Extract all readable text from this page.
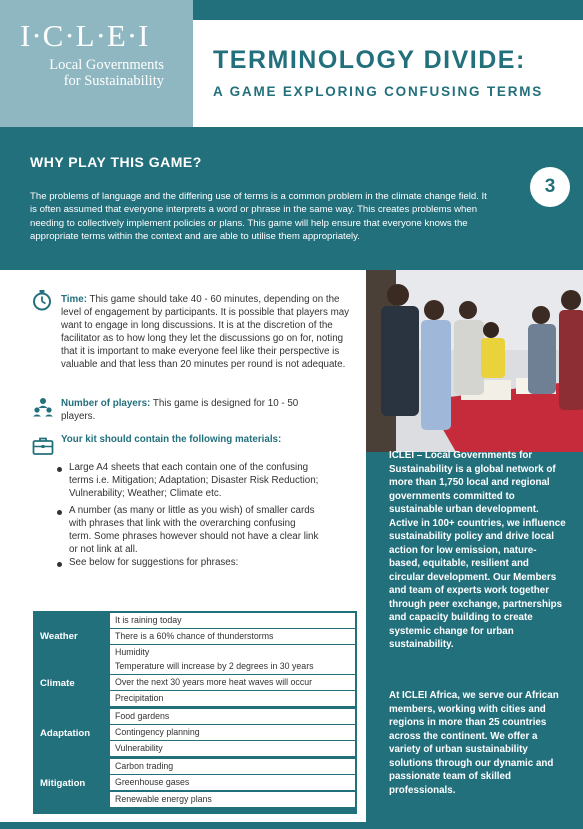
I·C·L·E·I
Local Governments for Sustainability
TERMINOLOGY DIVIDE:
A GAME EXPLORING CONFUSING TERMS
WHY PLAY THIS GAME?
The problems of language and the differing use of terms is a common problem in the climate change field. It is often assumed that everyone interprets a word or phrase in the same way. This creates problems when needing to collectively implement policies or plans. This game will help ensure that everyone knows the appropriate terms within the context and are able to utilise them appropriately.
3
Time: This game should take 40 - 60 minutes, depending on the level of engagement by participants. It is possible that players may want to engage in long discussions. It is at the discretion of the facilitator as to how long they let the discussions go on for, noting that it is important to make everyone feel like their perspective is valuable and that less than 20 minutes per round is not adequate.
Number of players: This game is designed for 10 - 50 players.
Your kit should contain the following materials:
Large A4 sheets that each contain one of the confusing terms i.e. Mitigation; Adaptation; Disaster Risk Reduction; Vulnerability; Weather; Climate etc.
A number (as many or little as you wish) of smaller cards with phrases that link with the overarching confusing term. Some phrases however should not have a clear link or not link at all.
See below for suggestions for phrases:
Weather
It is raining today
There is a 60% chance of thunderstorms
Humidity
Climate
Temperature will increase by 2 degrees in 30 years
Over the next 30 years more heat waves will occur
Precipitation
Adaptation
Food gardens
Contingency planning
Vulnerability
Mitigation
Carbon trading
Greenhouse gases
Renewable energy plans
ICLEI – Local Governments for Sustainability is a global network of more than 1,750 local and regional governments committed to sustainable urban development. Active in 100+ countries, we influence sustainability policy and drive local action for low emission, nature-based, equitable, resilient and circular development. Our Members and team of experts work together through peer exchange, partnerships and capacity building to create systemic change for urban sustainability.
At ICLEI Africa, we serve our African members, working with cities and regions in more than 25 countries across the continent. We offer a variety of urban sustainability solutions through our dynamic and passionate team of skilled professionals.
